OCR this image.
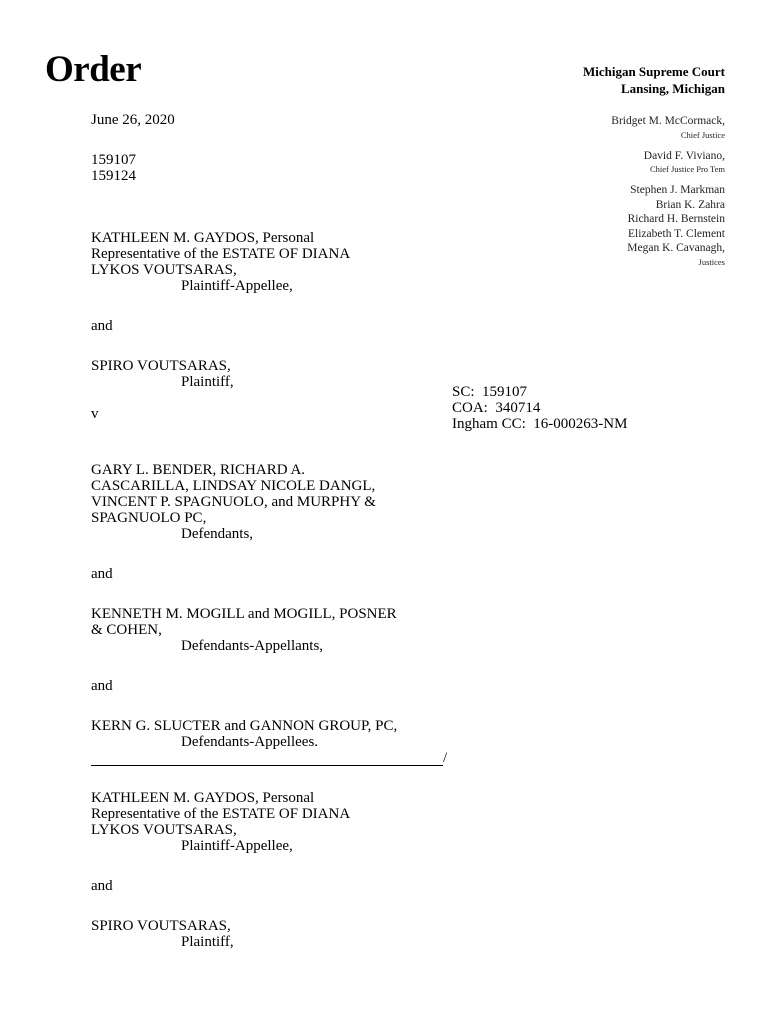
Order	Michigan Supreme Court
Lansing, Michigan
Bridget M. McCormack,
Chief Justice
David F. Viviano,
Chief Justice Pro Tem
Stephen J. Markman
Brian K. Zahra
Richard H. Bernstein
Elizabeth T. Clement
Megan K. Cavanagh,
Justices
June 26, 2020
159107
159124
KATHLEEN M. GAYDOS, Personal
Representative of the ESTATE OF DIANA
LYKOS VOUTSARAS,
Plaintiff-Appellee,
and
SPIRO VOUTSARAS,
Plaintiff,
v
GARY L. BENDER, RICHARD A.
CASCARILLA, LINDSAY NICOLE DANGL,
VINCENT P. SPAGNUOLO, and MURPHY &
SPAGNUOLO PC,
Defendants,
and
KENNETH M. MOGILL and MOGILL, POSNER
& COHEN,
Defendants-Appellants,
and
KERN G. SLUCTER and GANNON GROUP, PC,
Defendants-Appellees.
/
KATHLEEN M. GAYDOS, Personal
Representative of the ESTATE OF DIANA
LYKOS VOUTSARAS,
Plaintiff-Appellee,
and
SPIRO VOUTSARAS,
Plaintiff,
SC:  159107
COA:  340714
Ingham CC:  16-000263-NM
